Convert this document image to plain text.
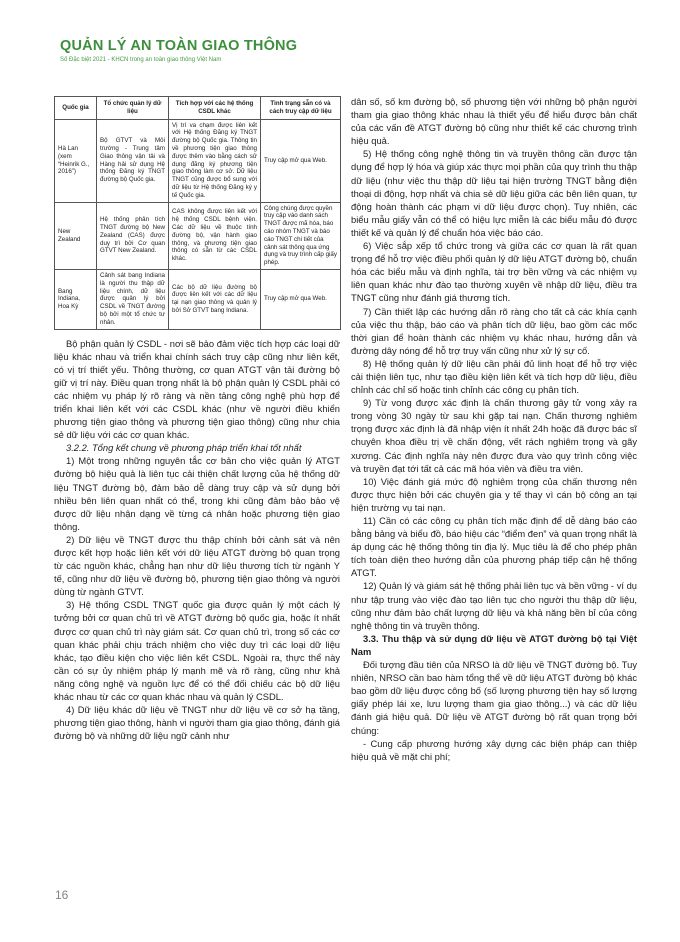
QUẢN LÝ AN TOÀN GIAO THÔNG
Số Đặc biệt 2021 - KHCN trong an toàn giao thông Việt Nam
Quốc gia	Tổ chức quản lý dữ liệu	Tích hợp với các hệ thống CSDL khác	Tình trạng sẵn có và cách truy cập dữ liệu
Hà Lan (xem “Heinrik G., 2016”)	Bộ GTVT và Môi trường - Trung tâm Giao thông vận tải và Hàng hải sử dụng Hệ thống Đăng ký TNGT đường bộ Quốc gia.	Vị trí va chạm được liên kết với Hệ thống Đăng ký TNGT đường bộ Quốc gia. Thông tin về phương tiện giao thông được thêm vào bằng cách sử dụng đăng ký phương tiện giao thông làm cơ sở. Dữ liệu TNGT cũng được bổ sung với dữ liệu từ Hệ thống Đăng ký y tế Quốc gia.	Truy cập mở qua Web.
New Zealand	Hệ thống phân tích TNGT đường bộ New Zealand (CAS) được duy trì bởi Cơ quan GTVT New Zealand.	CAS không được liên kết với hệ thống CSDL bệnh viện. Các dữ liệu về thuộc tính đường bộ, vận hành giao thông, và phương tiện giao thông có sẵn từ các CSDL khác.	Công chúng được quyền truy cập vào danh sách TNGT được mã hóa, báo cáo nhóm TNGT và báo cáo TNGT chi tiết của cảnh sát thông qua ứng dụng và truy trình cấp giấy phép.
Bang Indiana, Hoa Kỳ	Cảnh sát bang Indiana là người thu thập dữ liệu chính, dữ liệu được quản lý bởi CSDL về TNGT đường bộ bởi một tổ chức tư nhân.	Các bộ dữ liệu đường bộ được liên kết với các dữ liệu tại nạn giao thông và quản lý bởi Sở GTVT bang Indiana.	Truy cập mở qua Web.

Bộ phận quản lý CSDL - nơi sẽ bảo đảm việc tích hợp các loại dữ liệu khác nhau và triển khai chính sách truy cập cũng như liên kết, có vị trí thiết yếu. Thông thường, cơ quan ATGT vận tải đường bộ giữ vị trí này. Điều quan trọng nhất là bộ phận quản lý CSDL phải có các nhiệm vụ pháp lý rõ ràng và nền tảng công nghệ phù hợp để triển khai liên kết với các CSDL khác (như về người điều khiển phương tiện giao thông và phương tiện giao thông) cũng như chia sẻ dữ liệu với các cơ quan khác.

3.2.2. Tổng kết chung về phương pháp triển khai tốt nhất

1) Một trong những nguyên tắc cơ bản cho việc quản lý ATGT đường bộ hiệu quả là liên tục cải thiện chất lượng của hệ thống dữ liệu TNGT đường bộ, đảm bảo dễ dàng truy cập và sử dụng bởi nhiều bên liên quan nhất có thể, trong khi cũng đảm bảo bảo vệ được dữ liệu nhận dạng về từng cá nhân hoặc phương tiện giao thông.

2) Dữ liệu về TNGT được thu thập chính bởi cảnh sát và nên được kết hợp hoặc liên kết với dữ liệu ATGT đường bộ quan trọng từ các nguồn khác, chẳng hạn như dữ liệu thương tích từ ngành Y tế, cũng như dữ liệu về đường bộ, phương tiện giao thông và người dùng từ ngành GTVT.

3) Hệ thống CSDL TNGT quốc gia được quản lý một cách lý tưởng bởi cơ quan chủ trì về ATGT đường bộ quốc gia, hoặc ít nhất được cơ quan chủ trì này giám sát. Cơ quan chủ trì, trong số các cơ quan khác phải chịu trách nhiệm cho việc duy trì các loại dữ liệu khác, tạo điều kiện cho việc liên kết CSDL. Ngoài ra, thực thể này cần có sự ủy nhiệm pháp lý mạnh mẽ và rõ ràng, cũng như khả năng công nghệ và nguồn lực để có thể đối chiếu các bộ dữ liệu khác nhau từ các cơ quan khác nhau và quản lý CSDL.

4) Dữ liệu khác dữ liệu về TNGT như dữ liệu về cơ sở hạ tầng, phương tiện giao thông, hành vi người tham gia giao thông, đánh giá đường bộ và những dữ liệu ngữ cảnh như

dân số, số km đường bộ, số phương tiện với những bộ phận người tham gia giao thông khác nhau là thiết yếu để hiểu được bản chất của các vấn đề ATGT đường bộ cũng như thiết kế các chương trình hiệu quả.

5) Hệ thống công nghệ thông tin và truyền thông cần được tận dụng để hợp lý hóa và giúp xác thực mọi phần của quy trình thu thập dữ liệu (như việc thu thập dữ liệu tại hiện trường TNGT bằng điện thoại di động, hợp nhất và chia sẻ dữ liệu giữa các bên liên quan, tự động hoàn thành các phạm vi dữ liệu được chọn). Tuy nhiên, các biểu mẫu giấy vẫn có thể có hiệu lực miễn là các biểu mẫu đó được thiết kế và quản lý để chuẩn hóa việc báo cáo.

6) Việc sắp xếp tổ chức trong và giữa các cơ quan là rất quan trọng để hỗ trợ việc điều phối quản lý dữ liệu ATGT đường bộ, chuẩn hóa các biểu mẫu và định nghĩa, tài trợ bền vững và các nhiệm vụ liên quan khác như đào tạo thường xuyên về nhập dữ liệu, điều tra TNGT cũng như đánh giá thương tích.

7) Cần thiết lập các hướng dẫn rõ ràng cho tất cả các khía cạnh của việc thu thập, báo cáo và phân tích dữ liệu, bao gồm các mốc thời gian để hoàn thành các nhiệm vụ khác nhau, hướng dẫn và đường dây nóng để hỗ trợ truy vấn cũng như xử lý sự cố.

8) Hệ thống quản lý dữ liệu cần phải đủ linh hoạt để hỗ trợ việc cải thiện liên tục, như tạo điều kiện liên kết và tích hợp dữ liệu, điều chỉnh các chỉ số hoặc tinh chỉnh các công cụ phân tích.

9) Từ vong được xác định là chấn thương gây tử vong xảy ra trong vòng 30 ngày từ sau khi gặp tai nạn. Chấn thương nghiêm trọng được xác định là đã nhập viện ít nhất 24h hoặc đã được bác sĩ chuyên khoa điều trị về chấn động, vết rách nghiêm trọng và gãy xương. Các định nghĩa này nên được đưa vào quy trình công việc và truyền đạt tới tất cả các mã hóa viên và điều tra viên.

10) Việc đánh giá mức độ nghiêm trọng của chấn thương nên được thực hiện bởi các chuyên gia y tế thay vì cán bộ công an tại hiện trường vụ tai nạn.

11) Cần có các công cụ phân tích mặc định để dễ dàng báo cáo bằng bảng và biểu đồ, báo hiệu các “điểm đen” và quan trọng nhất là áp dụng các hệ thống thông tin địa lý. Mục tiêu là để cho phép phân tích toàn diện theo hướng dẫn của phương pháp tiếp cận hệ thống ATGT.

12) Quản lý và giám sát hệ thống phải liên tục và bền vững - ví dụ như tập trung vào việc đào tạo liên tục cho người thu thập dữ liệu, cũng như đảm bảo chất lượng dữ liệu và khả năng bền bỉ của công nghệ thông tin và truyền thông.

3.3. Thu thập và sử dụng dữ liệu về ATGT đường bộ tại Việt Nam

Đối tượng đầu tiên của NRSO là dữ liệu về TNGT đường bộ. Tuy nhiên, NRSO cần bao hàm tổng thể về dữ liệu ATGT đường bộ khác bao gồm dữ liệu được công bố (số lượng phương tiện hay số lượng giấy phép lái xe, lưu lượng tham gia giao thông...) và các dữ liệu đánh giá hiệu quả. Dữ liệu về ATGT đường bộ rất quan trọng bởi chúng:

- Cung cấp phương hướng xây dựng các biện pháp can thiệp hiệu quả về mặt chi phí;

16
